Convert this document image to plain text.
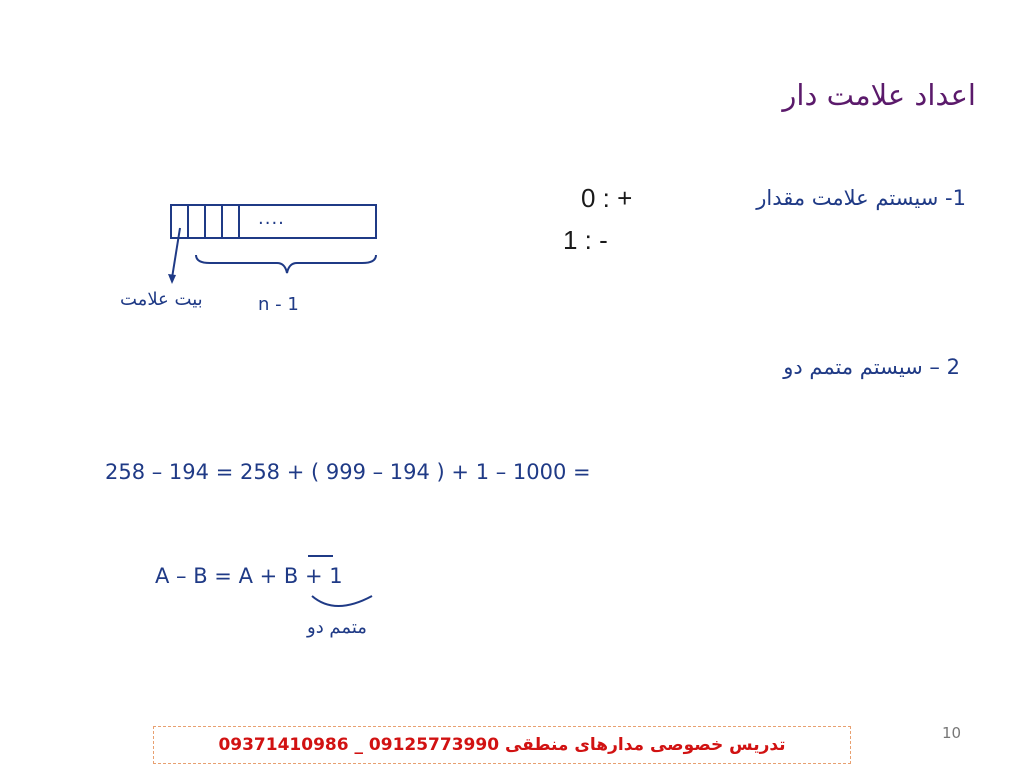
اعداد علامت دار
1- سیستم علامت مقدار
0 : +
1 : -
....
بیت علامت	n - 1
2 – سیستم متمم دو
258 – 194 = 258 + ( 999 – 194 ) + 1 – 1000 =
A – B = A + B + 1
متمم دو
10
تدریس خصوصی مدارهای منطقی 09125773990 _ 09371410986
